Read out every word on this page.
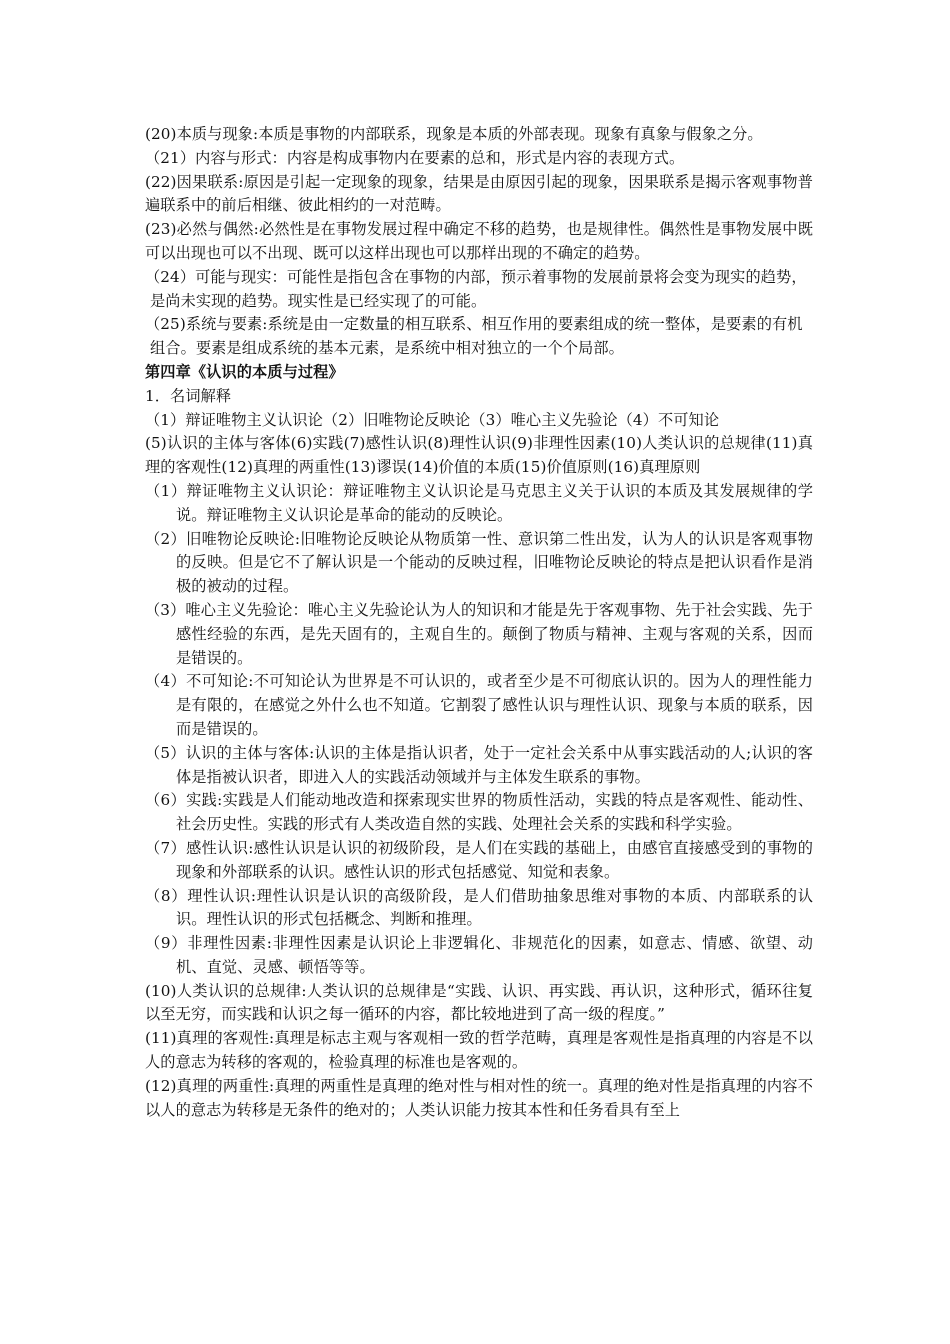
(20)本质与现象:本质是事物的内部联系，现象是本质的外部表现。现象有真象与假象之分。

（21）内容与形式：内容是构成事物内在要素的总和，形式是内容的表现方式。

(22)因果联系:原因是引起一定现象的现象，结果是由原因引起的现象，因果联系是揭示客观事物普遍联系中的前后相继、彼此相约的一对范畴。

(23)必然与偶然:必然性是在事物发展过程中确定不移的趋势，也是规律性。偶然性是事物发展中既可以出现也可以不出现、既可以这样出现也可以那样出现的不确定的趋势。

（24）可能与现实：可能性是指包含在事物的内部，预示着事物的发展前景将会变为现实的趋势，是尚未实现的趋势。现实性是已经实现了的可能。

（25)系统与要素:系统是由一定数量的相互联系、相互作用的要素组成的统一整体，是要素的有机组合。要素是组成系统的基本元素，是系统中相对独立的一个个局部。

第四章《认识的本质与过程》

1．名词解释

（1）辩证唯物主义认识论（2）旧唯物论反映论（3）唯心主义先验论（4）不可知论

(5)认识的主体与客体(6)实践(7)感性认识(8)理性认识(9)非理性因素(10)人类认识的总规律(11)真理的客观性(12)真理的两重性(13)谬误(14)价值的本质(15)价值原则(16)真理原则

（1）辩证唯物主义认识论：辩证唯物主义认识论是马克思主义关于认识的本质及其发展规律的学说。辩证唯物主义认识论是革命的能动的反映论。

（2）旧唯物论反映论:旧唯物论反映论从物质第一性、意识第二性出发，认为人的认识是客观事物的反映。但是它不了解认识是一个能动的反映过程，旧唯物论反映论的特点是把认识看作是消极的被动的过程。

（3）唯心主义先验论：唯心主义先验论认为人的知识和才能是先于客观事物、先于社会实践、先于感性经验的东西，是先天固有的，主观自生的。颠倒了物质与精神、主观与客观的关系，因而是错误的。

（4）不可知论:不可知论认为世界是不可认识的，或者至少是不可彻底认识的。因为人的理性能力是有限的，在感觉之外什么也不知道。它割裂了感性认识与理性认识、现象与本质的联系，因而是错误的。

（5）认识的主体与客体:认识的主体是指认识者，处于一定社会关系中从事实践活动的人;认识的客体是指被认识者，即进入人的实践活动领域并与主体发生联系的事物。

（6）实践:实践是人们能动地改造和探索现实世界的物质性活动，实践的特点是客观性、能动性、社会历史性。实践的形式有人类改造自然的实践、处理社会关系的实践和科学实验。

（7）感性认识:感性认识是认识的初级阶段，是人们在实践的基础上，由感官直接感受到的事物的现象和外部联系的认识。感性认识的形式包括感觉、知觉和表象。

（8）理性认识:理性认识是认识的高级阶段，是人们借助抽象思维对事物的本质、内部联系的认识。理性认识的形式包括概念、判断和推理。

（9）非理性因素:非理性因素是认识论上非逻辑化、非规范化的因素，如意志、情感、欲望、动机、直觉、灵感、顿悟等等。

(10)人类认识的总规律:人类认识的总规律是“实践、认识、再实践、再认识，这种形式，循环往复以至无穷，而实践和认识之每一循环的内容，都比较地进到了高一级的程度。”

(11)真理的客观性:真理是标志主观与客观相一致的哲学范畴，真理是客观性是指真理的内容是不以人的意志为转移的客观的，检验真理的标准也是客观的。

(12)真理的两重性:真理的两重性是真理的绝对性与相对性的统一。真理的绝对性是指真理的内容不以人的意志为转移是无条件的绝对的；人类认识能力按其本性和任务看具有至上
